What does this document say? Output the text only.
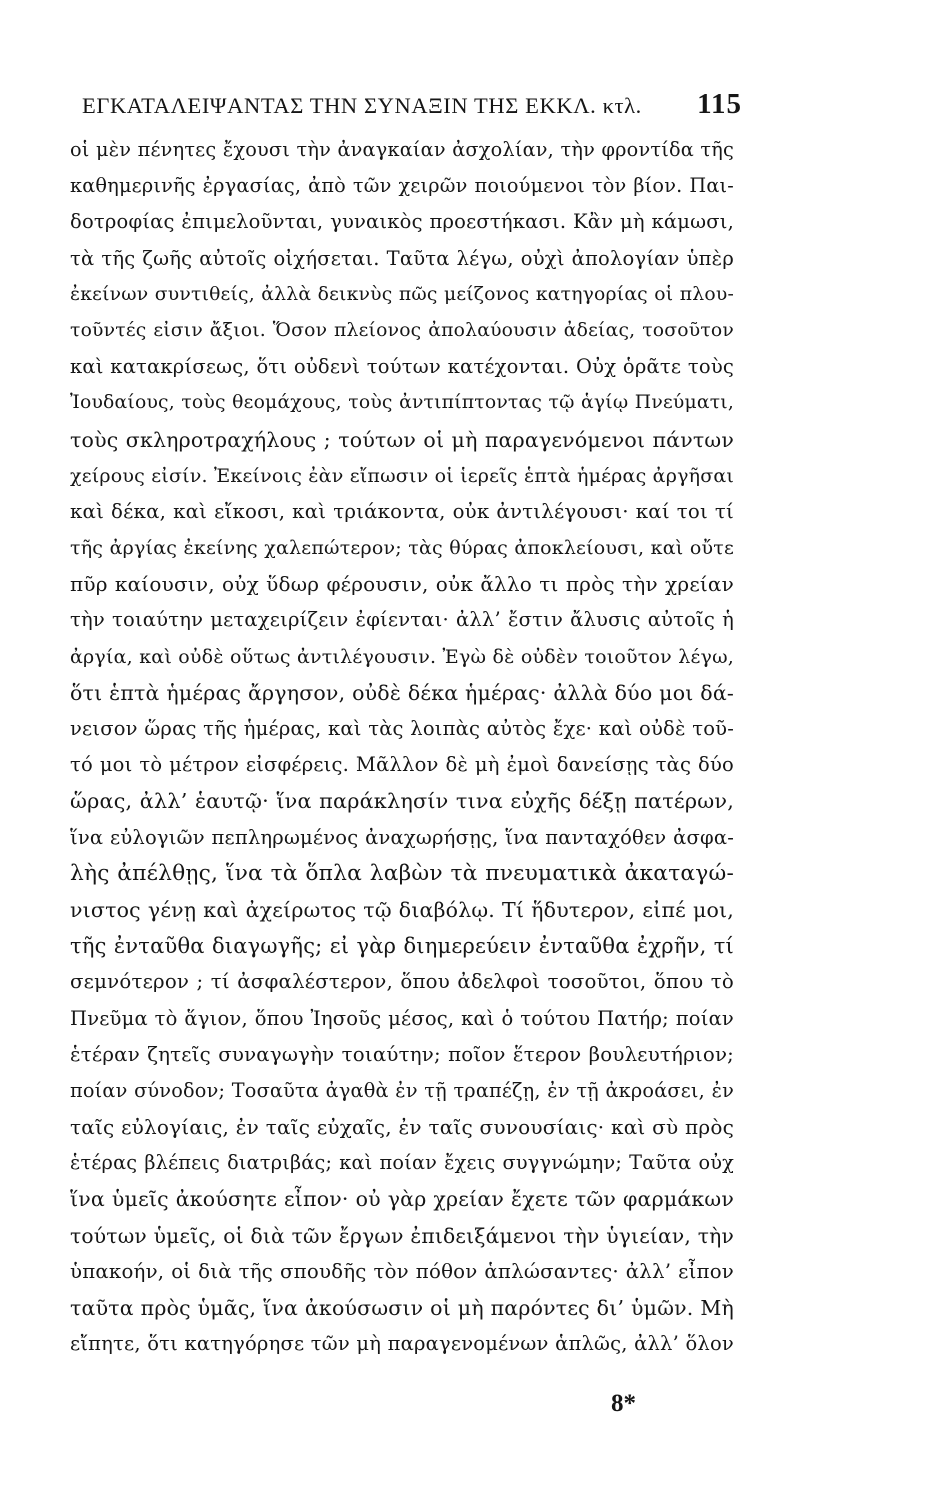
ΕΓΚΑΤΑΛΕΙΨΑΝΤΑΣ ΤΗΝ ΣΥΝΑΞΙΝ ΤΗΣ ΕΚΚΛ. κτλ. 115
οἱ μὲν πένητες ἔχουσι τὴν ἀναγκαίαν ἀσχολίαν, τὴν φροντίδα τῆς
καθημερινῆς ἐργασίας, ἀπὸ τῶν χειρῶν ποιούμενοι τὸν βίον. Παι-
δοτροφίας ἐπιμελοῦνται, γυναικὸς προεστήκασι. Κἂν μὴ κάμωσι,
τὰ τῆς ζωῆς αὐτοῖς οἰχήσεται. Ταῦτα λέγω, οὐχὶ ἀπολογίαν ὑπὲρ
ἐκείνων συντιθείς, ἀλλὰ δεικνὺς πῶς μείζονος κατηγορίας οἱ πλου-
τοῦντές εἰσιν ἄξιοι. Ὅσον πλείονος ἀπολαύουσιν ἀδείας, τοσοῦτον
καὶ κατακρίσεως, ὅτι οὐδενὶ τούτων κατέχονται. Οὐχ ὁρᾶτε τοὺς
Ἰουδαίους, τοὺς θεομάχους, τοὺς ἀντιπίπτοντας τῷ ἁγίῳ Πνεύματι,
τοὺς σκληροτραχήλους ; τούτων οἱ μὴ παραγενόμενοι πάντων
χείρους εἰσίν. Ἐκείνοις ἐὰν εἴπωσιν οἱ ἱερεῖς ἑπτὰ ἡμέρας ἀργῆσαι
καὶ δέκα, καὶ εἴκοσι, καὶ τριάκοντα, οὐκ ἀντιλέγουσι· καί τοι τί
τῆς ἀργίας ἐκείνης χαλεπώτερον; τὰς θύρας ἀποκλείουσι, καὶ οὔτε
πῦρ καίουσιν, οὐχ ὕδωρ φέρουσιν, οὐκ ἄλλο τι πρὸς τὴν χρείαν
τὴν τοιαύτην μεταχειρίζειν ἐφίενται· ἀλλ’ ἔστιν ἄλυσις αὐτοῖς ἡ
ἀργία, καὶ οὐδὲ οὕτως ἀντιλέγουσιν. Ἐγὼ δὲ οὐδὲν τοιοῦτον λέγω,
ὅτι ἑπτὰ ἡμέρας ἄργησον, οὐδὲ δέκα ἡμέρας· ἀλλὰ δύο μοι δά-
νεισον ὥρας τῆς ἡμέρας, καὶ τὰς λοιπὰς αὐτὸς ἔχε· καὶ οὐδὲ τοῦ-
τό μοι τὸ μέτρον εἰσφέρεις. Μᾶλλον δὲ μὴ ἐμοὶ δανείσῃς τὰς δύο
ὥρας, ἀλλ’ ἑαυτῷ· ἵνα παράκλησίν τινα εὐχῆς δέξῃ πατέρων,
ἵνα εὐλογιῶν πεπληρωμένος ἀναχωρήσῃς, ἵνα πανταχόθεν ἀσφα-
λὴς ἀπέλθῃς, ἵνα τὰ ὅπλα λαβὼν τὰ πνευματικὰ ἀκαταγώ-
νιστος γένῃ καὶ ἀχείρωτος τῷ διαβόλῳ. Τί ἥδυτερον, εἰπέ μοι,
τῆς ἐνταῦθα διαγωγῆς; εἰ γὰρ διημερεύειν ἐνταῦθα ἐχρῆν, τί
σεμνότερον ; τί ἀσφαλέστερον, ὅπου ἀδελφοὶ τοσοῦτοι, ὅπου τὸ
Πνεῦμα τὸ ἅγιον, ὅπου Ἰησοῦς μέσος, καὶ ὁ τούτου Πατήρ; ποίαν
ἑτέραν ζητεῖς συναγωγὴν τοιαύτην; ποῖον ἕτερον βουλευτήριον;
ποίαν σύνοδον; Τοσαῦτα ἀγαθὰ ἐν τῇ τραπέζῃ, ἐν τῇ ἀκροάσει, ἐν
ταῖς εὐλογίαις, ἐν ταῖς εὐχαῖς, ἐν ταῖς συνουσίαις· καὶ σὺ πρὸς
ἑτέρας βλέπεις διατριβάς; καὶ ποίαν ἔχεις συγγνώμην; Ταῦτα οὐχ
ἵνα ὑμεῖς ἀκούσητε εἶπον· οὐ γὰρ χρείαν ἔχετε τῶν φαρμάκων
τούτων ὑμεῖς, οἱ διὰ τῶν ἔργων ἐπιδειξάμενοι τὴν ὑγιείαν, τὴν
ὑπακοήν, οἱ διὰ τῆς σπουδῆς τὸν πόθον ἁπλώσαντες· ἀλλ’ εἶπον
ταῦτα πρὸς ὑμᾶς, ἵνα ἀκούσωσιν οἱ μὴ παρόντες δι’ ὑμῶν. Μὴ
εἴπητε, ὅτι κατηγόρησε τῶν μὴ παραγενομένων ἁπλῶς, ἀλλ’ ὅλον
8*
